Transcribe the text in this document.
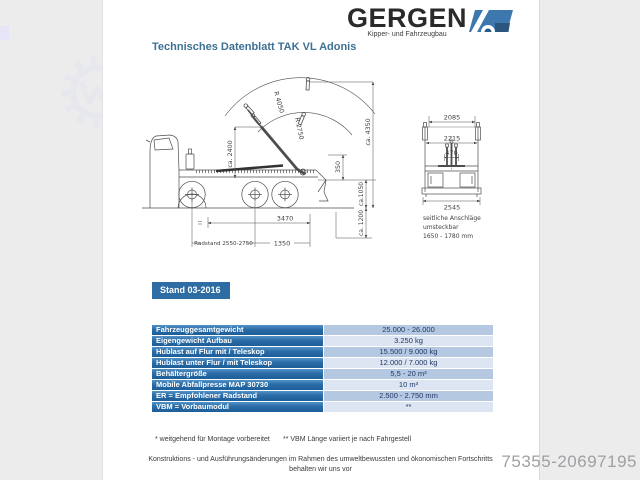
GERGEN
Kipper- und Fahrzeugbau
Technisches Datenblatt TAK VL Adonis
R 4050
R 2750
ca. 2400
ca. 4350
350
ca.1050
ca. 1200
3470
1350
Radstand 2550-2750
2085
2215
470
2545
seitliche Anschläge
umsteckbar
1650 - 1780 mm
Stand 03-2016
Fahrzeuggesamtgewicht	25.000 - 26.000
Eigengewicht Aufbau	3.250 kg
Hublast auf Flur mit / Teleskop	15.500 / 9.000 kg
Hublast unter Flur / mit Teleskop	12.000 / 7.000 kg
Behältergröße	5,5 - 20 m³
Mobile Abfallpresse MAP 30730	10 m³
ER = Empfohlener Radstand	2.500 - 2.750 mm
VBM = Vorbaumodul	**
* weitgehend für Montage vorbereitet ** VBM Länge variiert je nach Fahrgestell
Konstruktions - und Ausführungsänderungen im Rahmen des umweltbewussten und ökonomischen Fortschritts
behalten wir uns vor	75355-20697195
